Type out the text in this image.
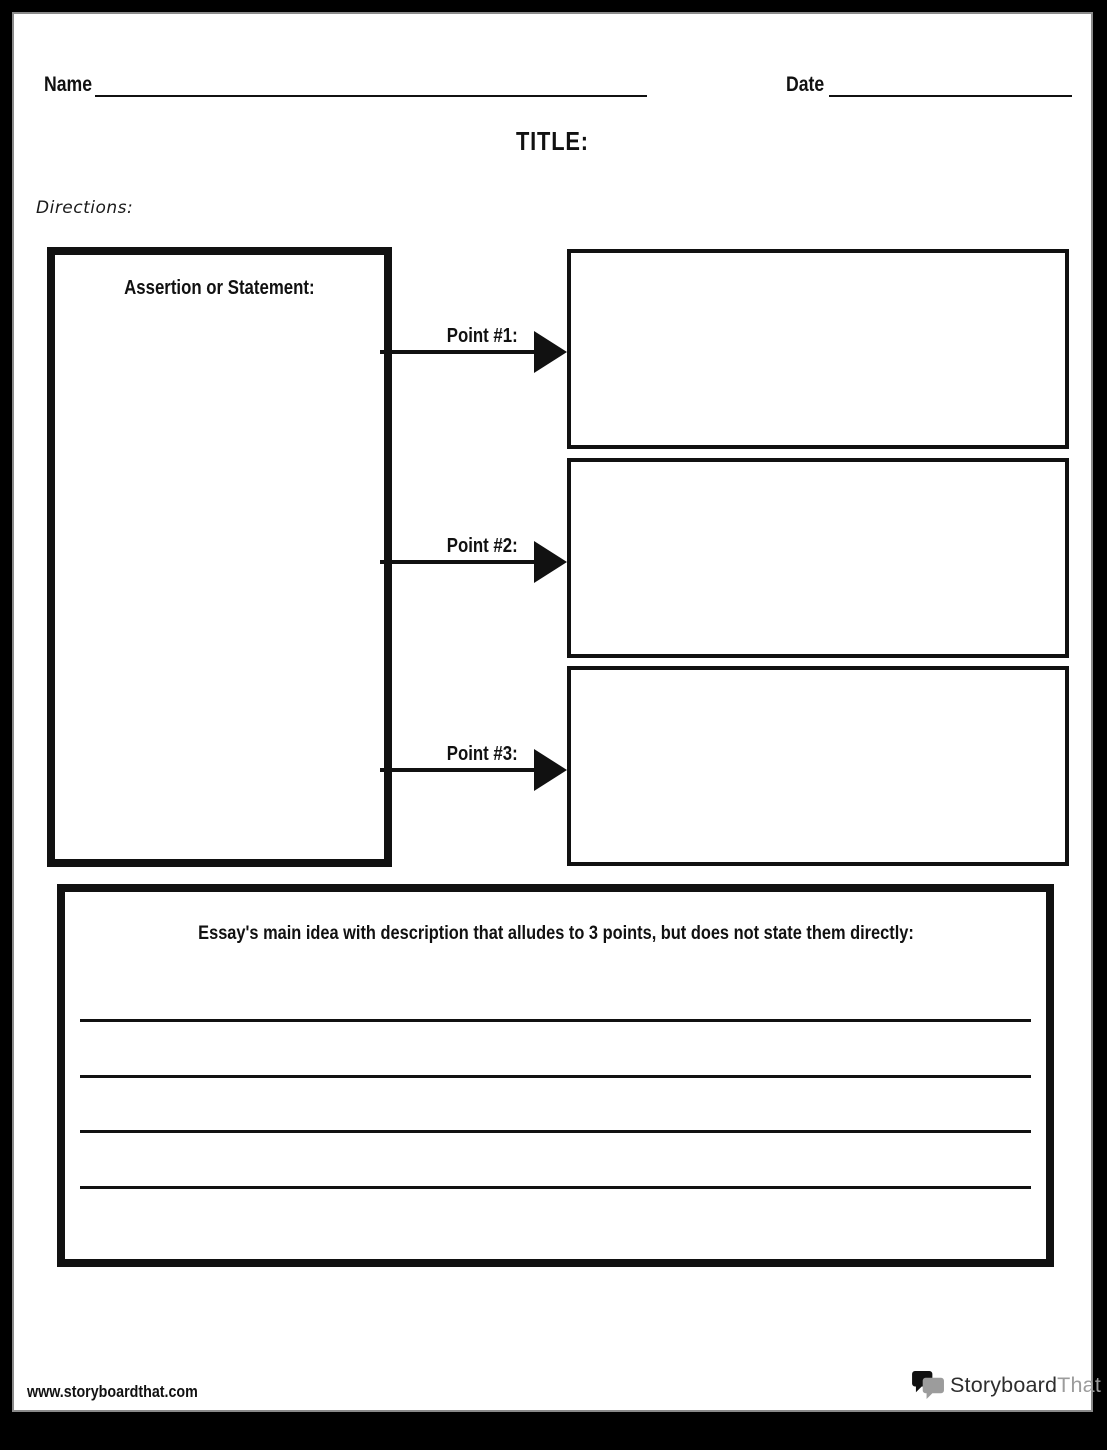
Name	Date
TITLE:
Directions:
Assertion or Statement:
Point #1:
Point #2:
Point #3:
Essay's main idea with description that alludes to 3 points, but does not state them directly:
www.storyboardthat.com	StoryboardThat
